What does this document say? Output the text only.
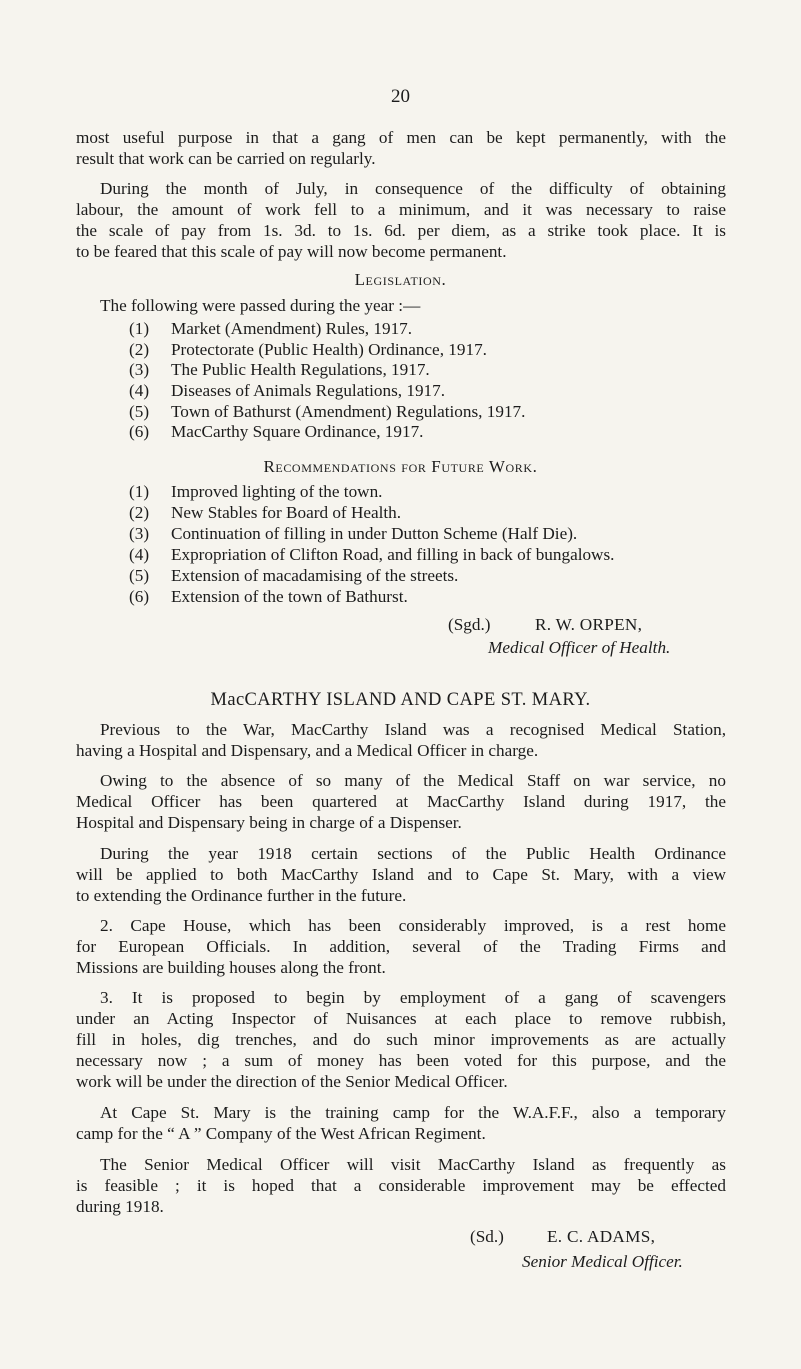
20
most useful purpose in that a gang of men can be kept permanently, with the
result that work can be carried on regularly.
During the month of July, in consequence of the difficulty of obtaining
labour, the amount of work fell to a minimum, and it was necessary to raise
the scale of pay from 1s. 3d. to 1s. 6d. per diem, as a strike took place. It is
to be feared that this scale of pay will now become permanent.
Legislation.
The following were passed during the year :—
(1) Market (Amendment) Rules, 1917.
(2) Protectorate (Public Health) Ordinance, 1917.
(3) The Public Health Regulations, 1917.
(4) Diseases of Animals Regulations, 1917.
(5) Town of Bathurst (Amendment) Regulations, 1917.
(6) MacCarthy Square Ordinance, 1917.
Recommendations for Future Work.
(1) Improved lighting of the town.
(2) New Stables for Board of Health.
(3) Continuation of filling in under Dutton Scheme (Half Die).
(4) Expropriation of Clifton Road, and filling in back of bungalows.
(5) Extension of macadamising of the streets.
(6) Extension of the town of Bathurst.
(Sgd.)	R. W. ORPEN,
Medical Officer of Health.
MacCARTHY ISLAND AND CAPE ST. MARY.
Previous to the War, MacCarthy Island was a recognised Medical Station,
having a Hospital and Dispensary, and a Medical Officer in charge.
Owing to the absence of so many of the Medical Staff on war service, no
Medical Officer has been quartered at MacCarthy Island during 1917, the
Hospital and Dispensary being in charge of a Dispenser.
During the year 1918 certain sections of the Public Health Ordinance
will be applied to both MacCarthy Island and to Cape St. Mary, with a view
to extending the Ordinance further in the future.
2. Cape House, which has been considerably improved, is a rest home
for European Officials. In addition, several of the Trading Firms and
Missions are building houses along the front.
3. It is proposed to begin by employment of a gang of scavengers
under an Acting Inspector of Nuisances at each place to remove rubbish,
fill in holes, dig trenches, and do such minor improvements as are actually
necessary now ; a sum of money has been voted for this purpose, and the
work will be under the direction of the Senior Medical Officer.
At Cape St. Mary is the training camp for the W.A.F.F., also a temporary
camp for the “ A ” Company of the West African Regiment.
The Senior Medical Officer will visit MacCarthy Island as frequently as
is feasible ; it is hoped that a considerable improvement may be effected
during 1918.
(Sd.)	E. C. ADAMS,
Senior Medical Officer.
